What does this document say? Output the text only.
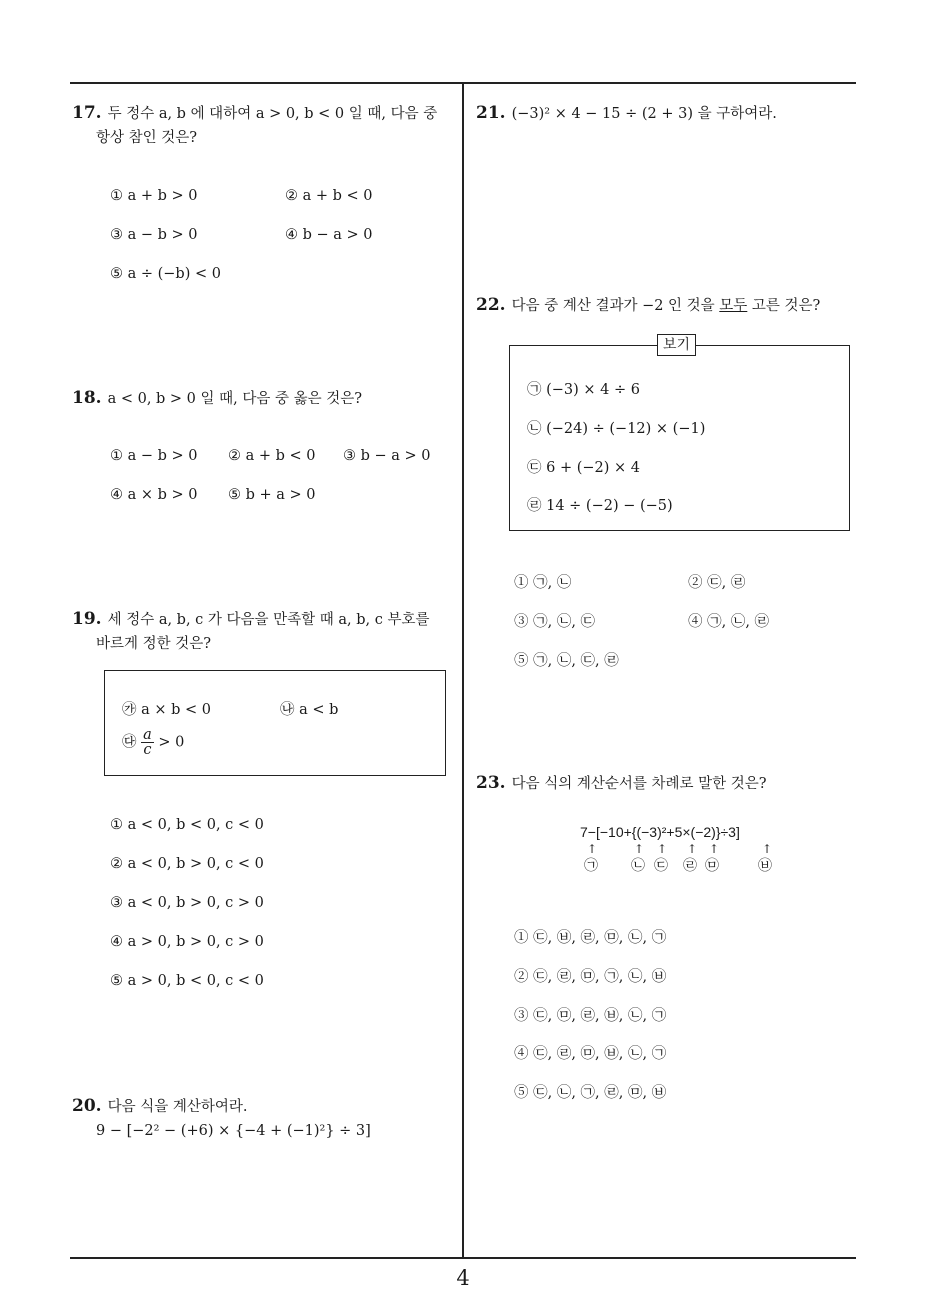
17. 두 정수 a, b 에 대하여 a > 0, b < 0 일 때, 다음 중
항상 참인 것은?
① a + b > 0	② a + b < 0
③ a − b > 0	④ b − a > 0
⑤ a ÷ (−b) < 0
18. a < 0, b > 0 일 때, 다음 중 옳은 것은?
① a − b > 0 ② a + b < 0 ③ b − a > 0
④ a × b > 0 ⑤ b + a > 0
19. 세 정수 a, b, c 가 다음을 만족할 때 a, b, c 부호를
바르게 정한 것은?
㉮ a × b < 0	㉯ a < b
㉰ $\frac{a}{c} > 0$
① a < 0, b < 0, c < 0
② a < 0, b > 0, c < 0
③ a < 0, b > 0, c > 0
④ a > 0, b > 0, c > 0
⑤ a > 0, b < 0, c < 0
20. 다음 식을 계산하여라.
9 − [−2² − (+6) × {−4 + (−1)²} ÷ 3]
21. (−3)² × 4 − 15 ÷ (2 + 3) 을 구하여라.
22. 다음 중 계산 결과가 −2 인 것을 모두 고른 것은?
보기
㉠ (−3) × 4 ÷ 6
㉡ (−24) ÷ (−12) × (−1)
㉢ 6 + (−2) × 4
㉣ 14 ÷ (−2) − (−5)
① ㉠, ㉡	② ㉢, ㉣
③ ㉠, ㉡, ㉢	④ ㉠, ㉡, ㉣
⑤ ㉠, ㉡, ㉢, ㉣
23. 다음 식의 계산순서를 차례로 말한 것은?
7−[−10+{(−3)²+5×(−2)}÷3]
↑	↑ ↑ ↑ ↑	↑
㉠ ㉡ ㉢ ㉣ ㉤	㉥
① ㉢, ㉥, ㉣, ㉤, ㉡, ㉠
② ㉢, ㉣, ㉤, ㉠, ㉡, ㉥
③ ㉢, ㉤, ㉣, ㉥, ㉡, ㉠
④ ㉢, ㉣, ㉤, ㉥, ㉡, ㉠
⑤ ㉢, ㉡, ㉠, ㉣, ㉤, ㉥
4
